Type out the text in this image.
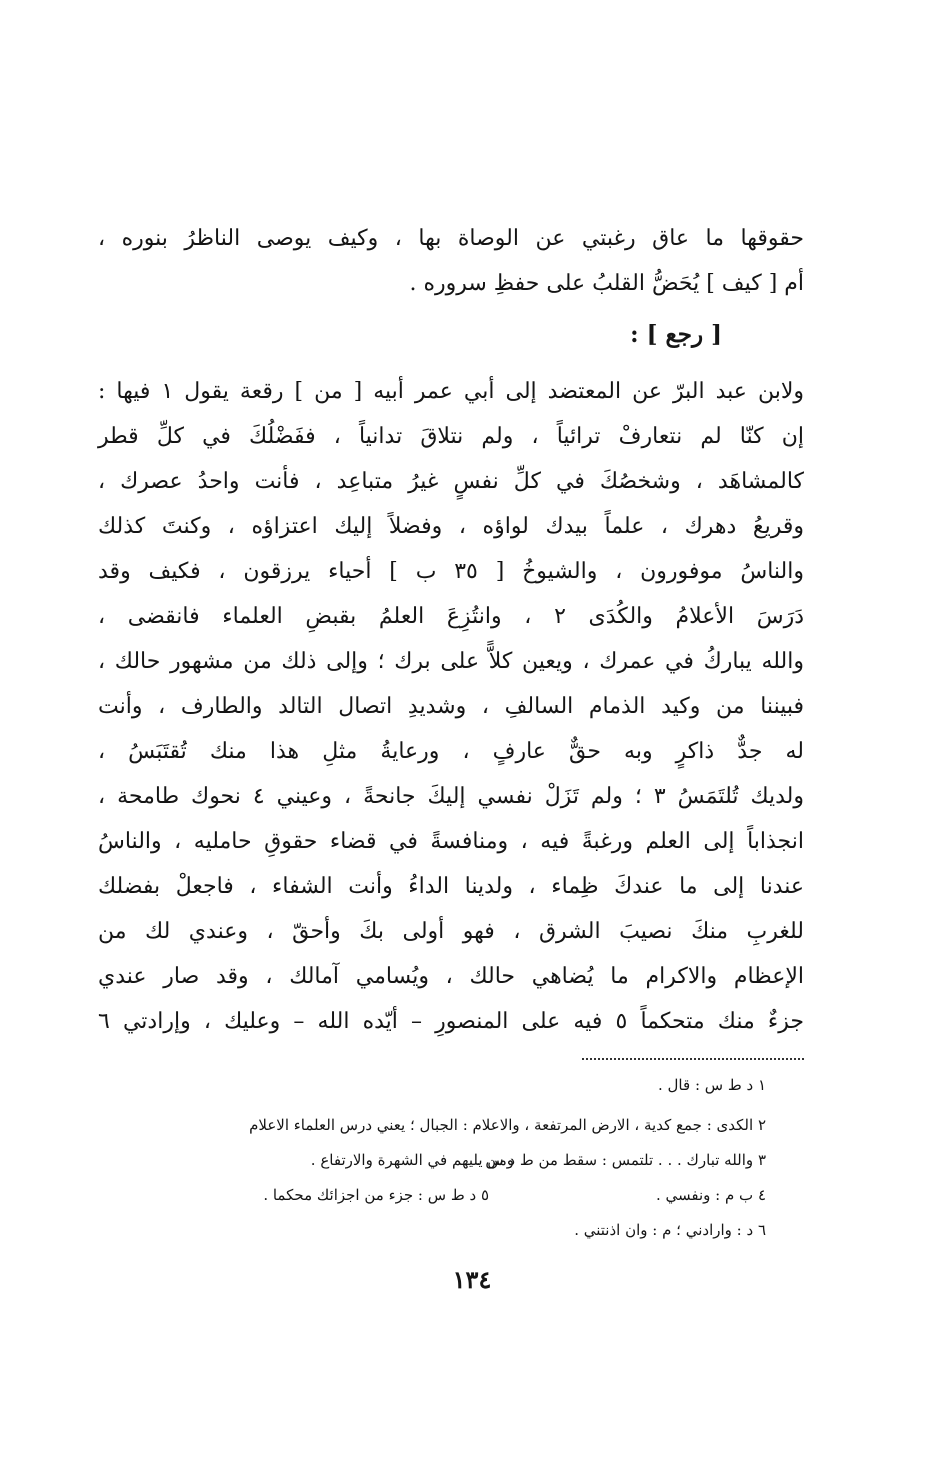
حقوقها ما عاق رغبتي عن الوصاة بها ، وكيف يوصى الناظرُ بنوره ،

أم [ كيف ] يُحَضُّ القلبُ على حفظِ سروره .

[ رجع ] :

ولابن عبد البرّ عن المعتضد إلى أبي عمر أبيه [ من ] رقعة يقول ١ فيها :

إن كنّا لم نتعارفْ ترائياً ، ولم نتلاقَ تدانياً ، ففَضْلُكَ في كلِّ قطر

كالمشاهَد ، وشخصُكَ في كلِّ نفسٍ غيرُ متباعِد ، فأنت واحدُ عصرك ،

وقريعُ دهرك ، علماً بيدك لواؤه ، وفضلاً إليك اعتزاؤه ، وكنتَ كذلك

والناسُ موفورون ، والشيوخُ [ ٣٥ ب ] أحياء يرزقون ، فكيف وقد

دَرَسَ الأعلامُ والكُدَى ٢ ، وانتُزِعَ العلمُ بقبضِ العلماء فانقضى ،

والله يباركُ في عمرك ، ويعين كلاًّ على برك ؛ وإلى ذلك من مشهور حالك ،

فبيننا من وكيد الذمام السالفِ ، وشديدِ اتصال التالد والطارف ، وأنت

له جدٌّ ذاكرٍ وبه حقٌّ عارفٍ ، ورعايةُ مثلِ هذا منك تُقتَبَسُ ،

ولديك تُلتَمَسُ ٣ ؛ ولم تَزَلْ نفسي إليكَ جانحةً ، وعيني ٤ نحوك طامحة ،

انجذاباً إلى العلم ورغبةً فيه ، ومنافسةً في قضاء حقوقِ حامليه ، والناسُ

عندنا إلى ما عندكَ ظِماء ، ولدينا الداءُ وأنت الشفاء ، فاجعلْ بفضلك

للغربِ منكَ نصيبَ الشرق ، فهو أولى بكَ وأحقّ ، وعندي لك من

الإعظام والاكرام ما يُضاهي حالك ، ويُسامي آمالك ، وقد صار عندي

جزءٌ منك متحكماً ٥ فيه على المنصورِ – أيّده الله – وعليك ، وإرادتي ٦

١ د ط س : قال .

٢ الكدى : جمع كدية ، الارض المرتفعة ، والاعلام : الجبال ؛ يعني درس العلماء الاعلام

ومن يليهم في الشهرة والارتفاع .

٣ والله تبارك . . . تلتمس : سقط من ط د س .

٤ ب م : ونفسي .

٥ د ط س : جزء من اجزائك محكما .

٦ د : وارادني ؛ م : وان اذنتني .

١٣٤
